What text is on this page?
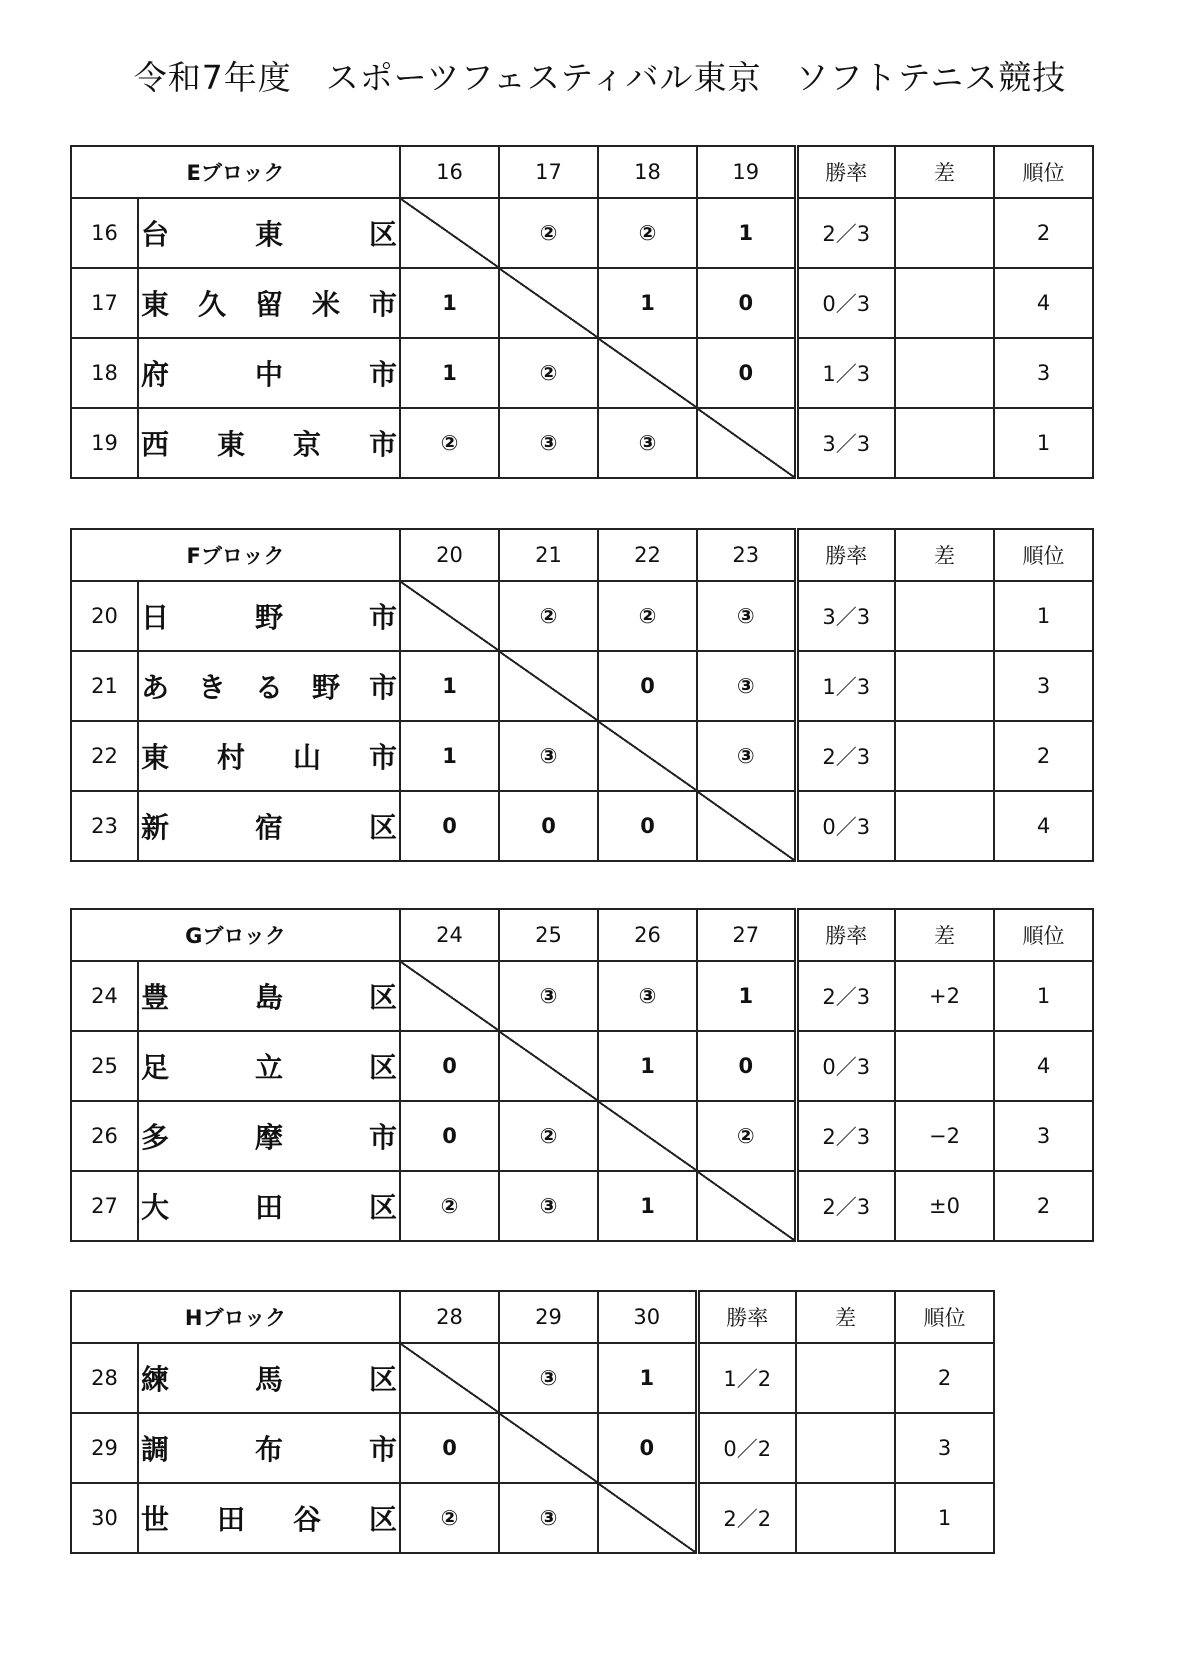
令和7年度　スポーツフェスティバル東京　ソフトテニス競技
Eブロック		16	17	18	19	勝率	差	順位
16	台 東 区		②	②	1	2／3		2
17	東 久 留 米 市	1		1	0	0／3		4
18	府 中 市	1	②		0	1／3		3
19	西 東 京 市	②	③	③		3／3		1
Fブロック		20	21	22	23	勝率	差	順位
20	日 野 市		②	②	③	3／3		1
21	あ き る 野 市	1		0	③	1／3		3
22	東 村 山 市	1	③		③	2／3		2
23	新 宿 区	0	0	0		0／3		4
Gブロック		24	25	26	27	勝率	差	順位
24	豊 島 区		③	③	1	2／3	+2	1
25	足 立 区	0		1	0	0／3		4
26	多 摩 市	0	②		②	2／3	−2	3
27	大 田 区	②	③	1		2／3	±0	2
Hブロック		28	29	30	勝率	差	順位
28	練 馬 区		③	1	1／2		2
29	調 布 市	0		0	0／2		3
30	世 田 谷 区	②	③		2／2		1
